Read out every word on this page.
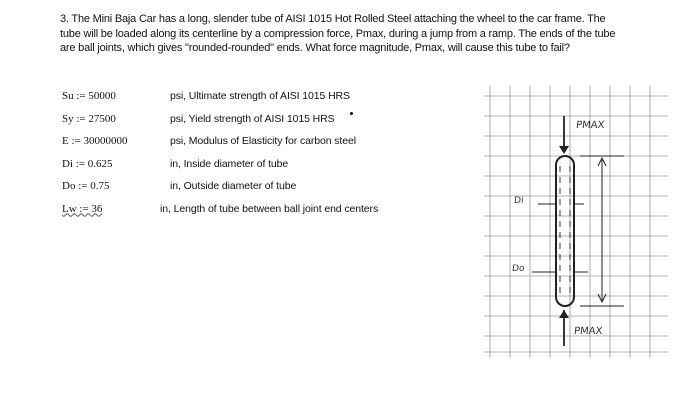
3. The Mini Baja Car has a long, slender tube of AISI 1015 Hot Rolled Steel attaching the wheel to the car frame. The tube will be loaded along its centerline by a compression force, Pmax, during a jump from a ramp. The ends of the tube are ball joints, which gives "rounded-rounded" ends. What force magnitude, Pmax, will cause this tube to fail?
Su := 50000	psi, Ultimate strength of AISI 1015 HRS
Sy := 27500	psi, Yield strength of AISI 1015 HRS
E := 30000000	psi, Modulus of Elasticity for carbon steel
Di := 0.625	in, Inside diameter of tube
Do := 0.75	in, Outside diameter of tube
Lw := 36	in, Length of tube between ball joint end centers
PMAX
PMAX
Di
Do
